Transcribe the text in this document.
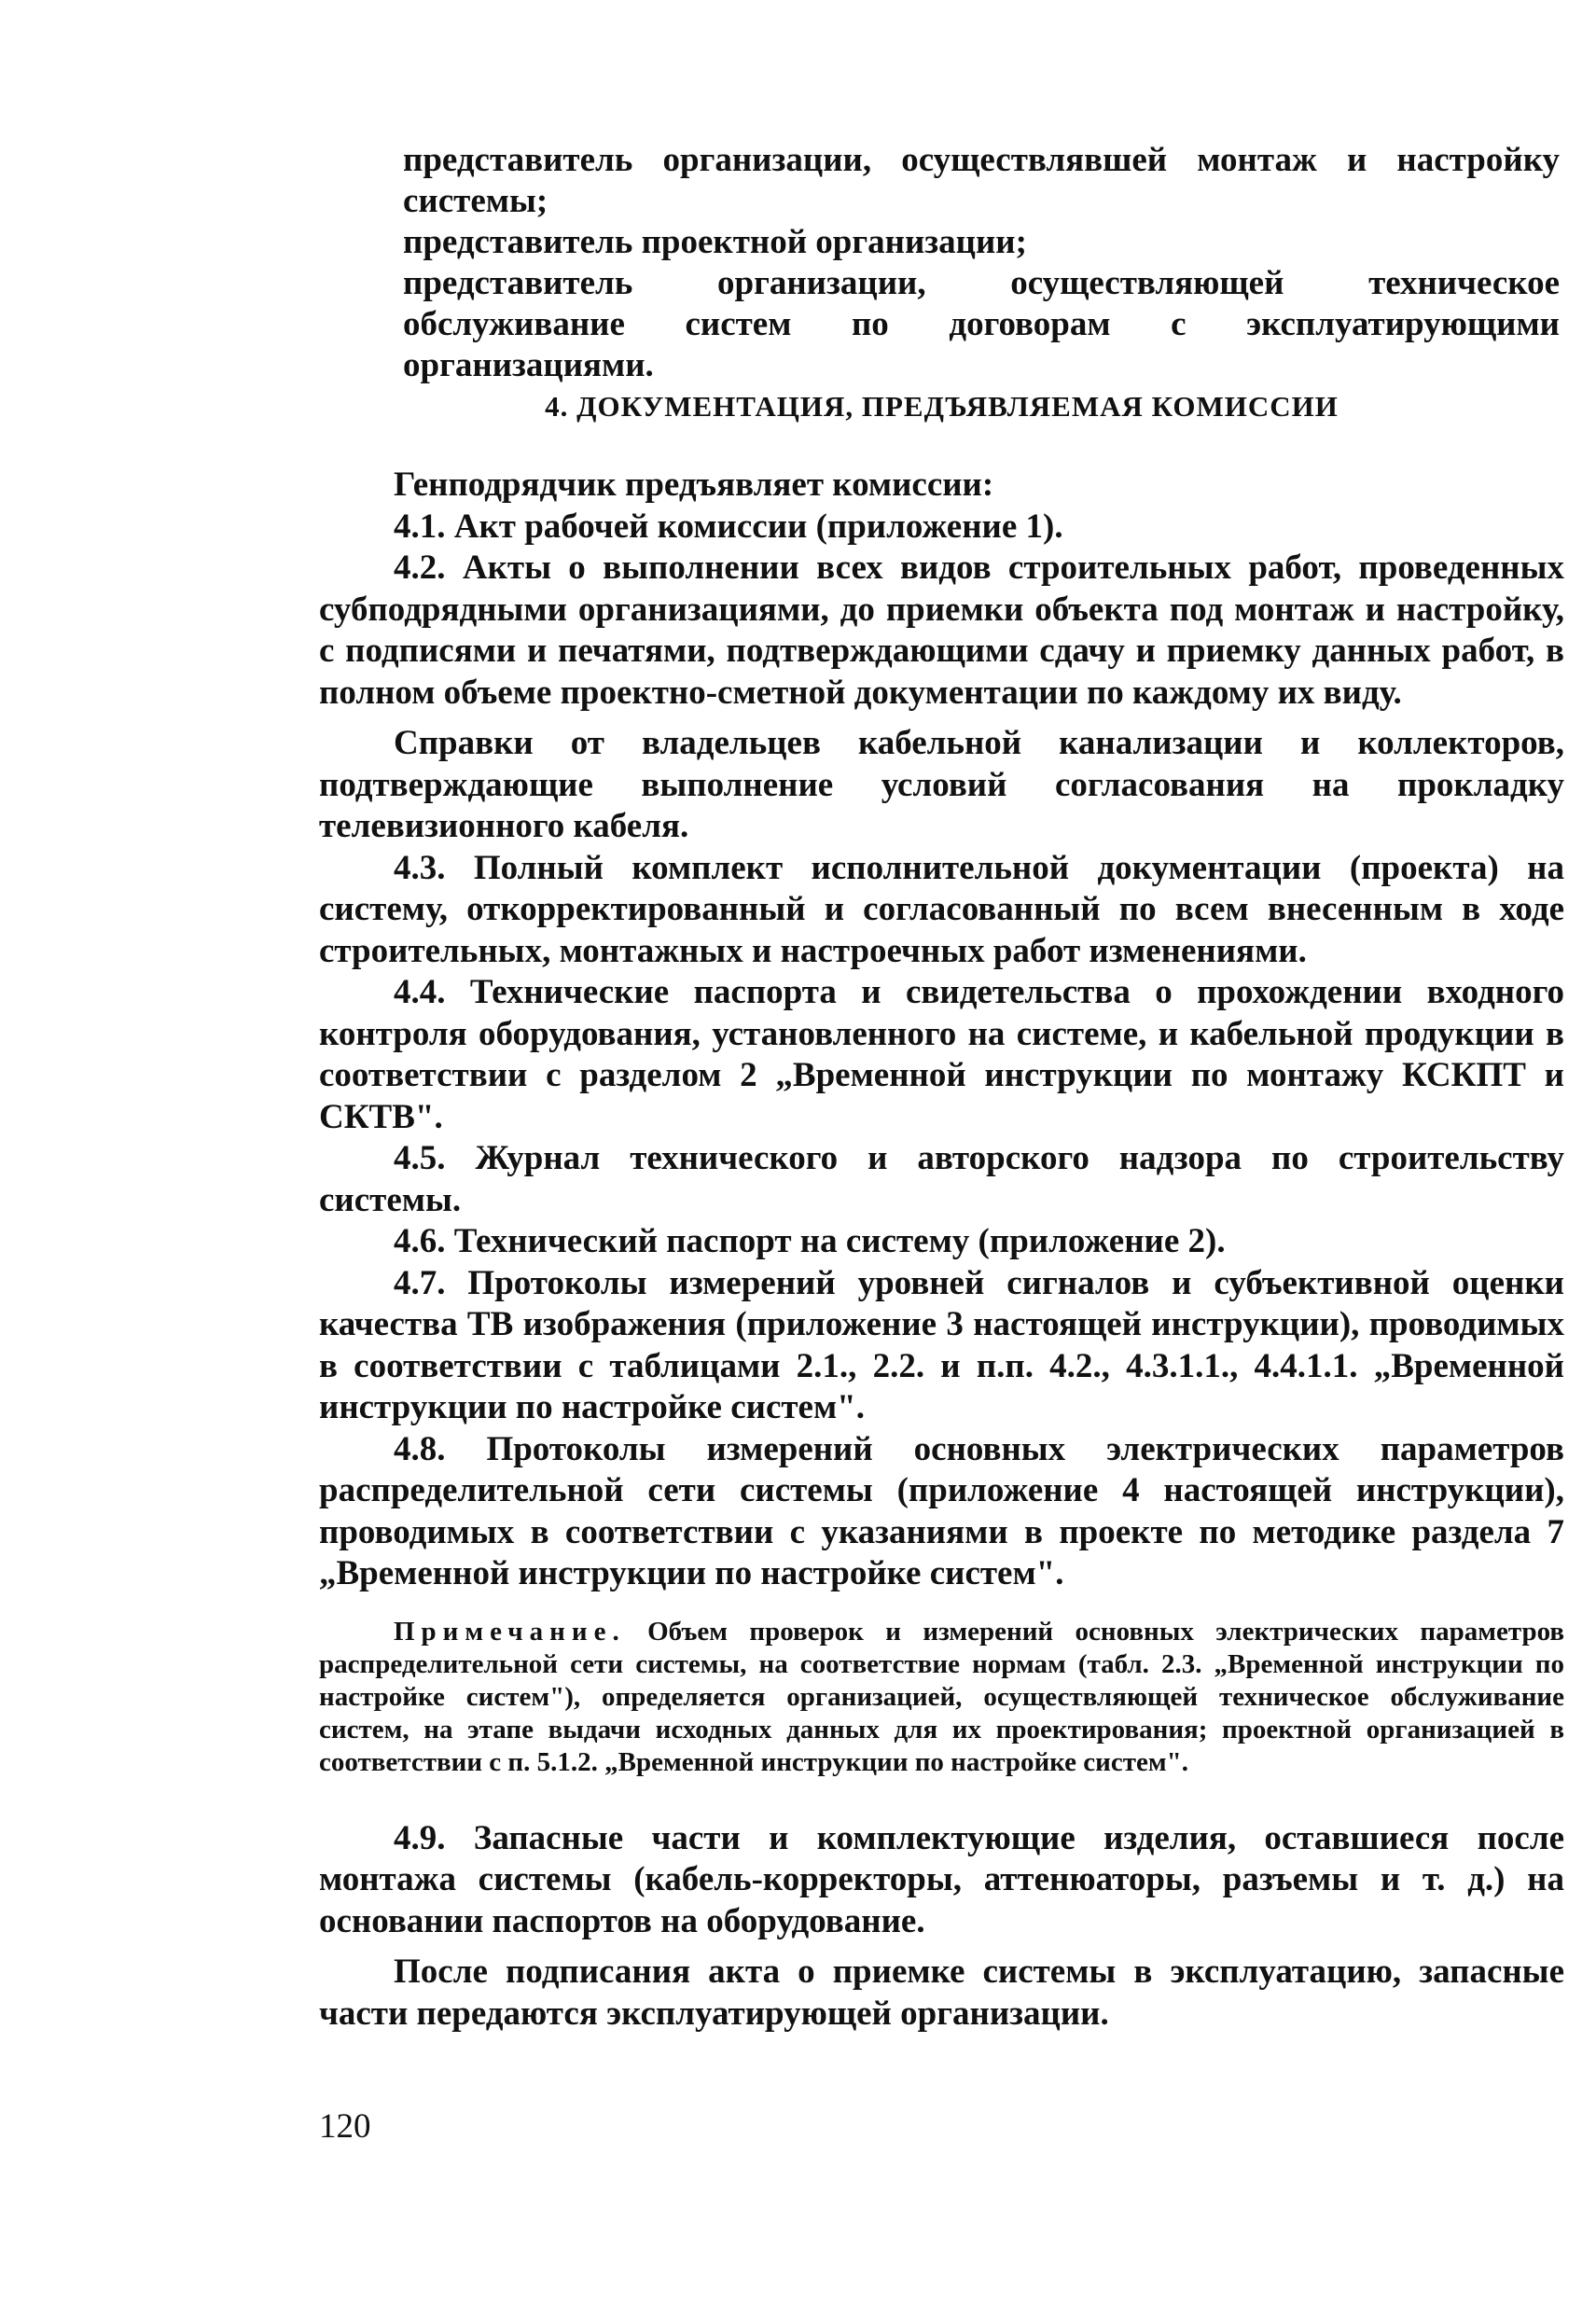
представитель организации, осуществлявшей монтаж и настройку системы;

представитель проектной организации;

представитель организации, осуществляющей техническое обслуживание систем по договорам с эксплуатирующими организациями.

4. ДОКУМЕНТАЦИЯ, ПРЕДЪЯВЛЯЕМАЯ КОМИССИИ

Генподрядчик предъявляет комиссии:

4.1. Акт рабочей комиссии (приложение 1).

4.2. Акты о выполнении всех видов строительных работ, проведенных субподрядными организациями, до приемки объекта под монтаж и настройку, с подписями и печатями, подтверждающими сдачу и приемку данных работ, в полном объеме проектно-сметной документации по каждому их виду.

Справки от владельцев кабельной канализации и коллекторов, подтверждающие выполнение условий согласования на прокладку телевизионного кабеля.

4.3. Полный комплект исполнительной документации (проекта) на систему, откорректированный и согласованный по всем внесенным в ходе строительных, монтажных и настроечных работ изменениями.

4.4. Технические паспорта и свидетельства о прохождении входного контроля оборудования, установленного на системе, и кабельной продукции в соответствии с разделом 2 „Временной инструкции по монтажу КСКПТ и СКТВ".

4.5. Журнал технического и авторского надзора по строительству системы.

4.6. Технический паспорт на систему (приложение 2).

4.7. Протоколы измерений уровней сигналов и субъективной оценки качества ТВ изображения (приложение 3 настоящей инструкции), проводимых в соответствии с таблицами 2.1., 2.2. и п.п. 4.2., 4.3.1.1., 4.4.1.1. „Временной инструкции по настройке систем".

4.8. Протоколы измерений основных электрических параметров распределительной сети системы (приложение 4 настоящей инструкции), проводимых в соответствии с указаниями в проекте по методике раздела 7 „Временной инструкции по настройке систем".

Примечание. Объем проверок и измерений основных электрических параметров распределительной сети системы, на соответствие нормам (табл. 2.3. „Временной инструкции по настройке систем"), определяется организацией, осуществляющей техническое обслуживание систем, на этапе выдачи исходных данных для их проектирования; проектной организацией в соответствии с п. 5.1.2. „Временной инструкции по настройке систем".

4.9. Запасные части и комплектующие изделия, оставшиеся после монтажа системы (кабель-корректоры, аттенюаторы, разъемы и т. д.) на основании паспортов на оборудование.

После подписания акта о приемке системы в эксплуатацию, запасные части передаются эксплуатирующей организации.

120
